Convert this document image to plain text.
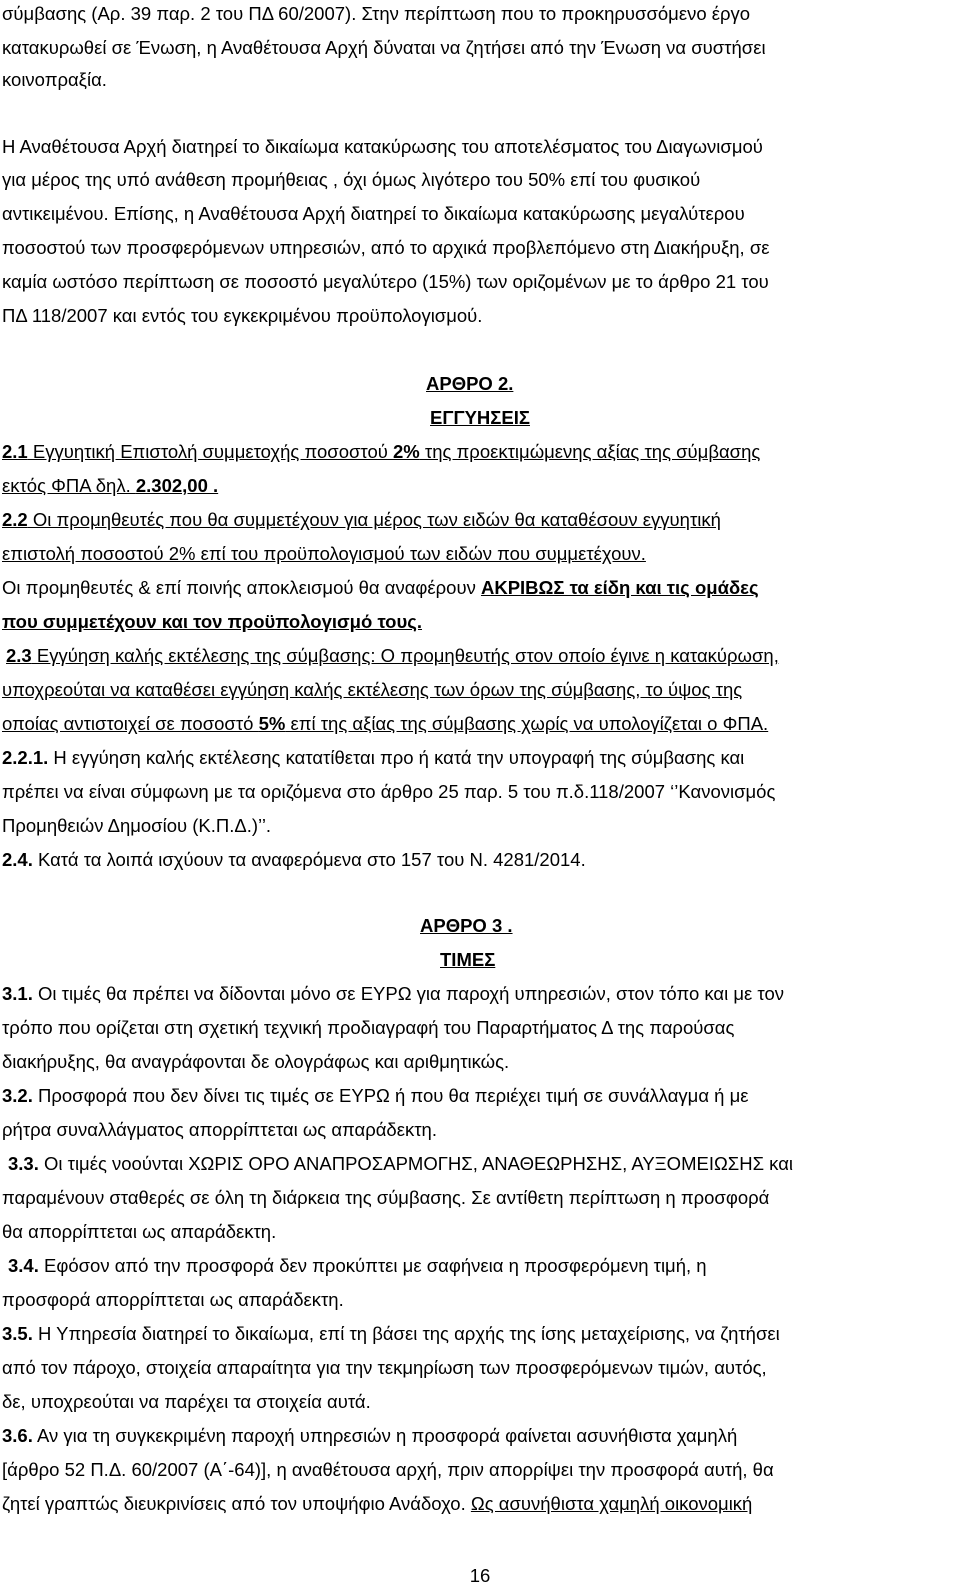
σύμβασης (Αρ. 39 παρ. 2 του ΠΔ 60/2007). Στην περίπτωση που το προκηρυσσόμενο έργο
κατακυρωθεί σε Ένωση, η Αναθέτουσα Αρχή δύναται να ζητήσει από την Ένωση να συστήσει
κοινοπραξία.
Η Αναθέτουσα Αρχή διατηρεί το δικαίωμα κατακύρωσης του αποτελέσματος του Διαγωνισμού
για μέρος της υπό ανάθεση προμήθειας , όχι όμως λιγότερο του 50% επί του φυσικού
αντικειμένου. Επίσης, η Αναθέτουσα Αρχή διατηρεί το δικαίωμα κατακύρωσης μεγαλύτερου
ποσοστού των προσφερόμενων υπηρεσιών, από το αρχικά προβλεπόμενο στη Διακήρυξη, σε
καμία ωστόσο περίπτωση σε ποσοστό μεγαλύτερο (15%) των οριζομένων με το άρθρο 21 του
ΠΔ 118/2007 και εντός του εγκεκριμένου προϋπολογισμού.
ΑΡΘΡΟ 2.
ΕΓΓΥΗΣΕΙΣ
2.1 Εγγυητική Επιστολή συμμετοχής ποσοστού 2% της προεκτιμώμενης αξίας της σύμβασης
εκτός ΦΠΑ δηλ. 2.302,00 .
2.2 Οι προμηθευτές που θα συμμετέχουν για μέρος των ειδών θα καταθέσουν εγγυητική
επιστολή ποσοστού 2% επί του προϋπολογισμού των ειδών που συμμετέχουν.
Οι προμηθευτές & επί ποινής αποκλεισμού θα αναφέρουν ΑΚΡΙΒΩΣ τα είδη και τις ομάδες
που συμμετέχουν και τον προϋπολογισμό τους.
2.3 Εγγύηση καλής εκτέλεσης της σύμβασης: Ο προμηθευτής στον οποίο έγινε η κατακύρωση,
υποχρεούται να καταθέσει εγγύηση καλής εκτέλεσης των όρων της σύμβασης, το ύψος της
οποίας αντιστοιχεί σε ποσοστό 5% επί της αξίας της σύμβασης χωρίς να υπολογίζεται ο ΦΠΑ.
2.2.1. Η εγγύηση καλής εκτέλεσης κατατίθεται προ ή κατά την υπογραφή της σύμβασης και
πρέπει να είναι σύμφωνη με τα οριζόμενα στο άρθρο 25 παρ. 5 του π.δ.118/2007 ‘’Κανονισμός
Προμηθειών Δημοσίου (Κ.Π.Δ.)’’.
2.4. Κατά τα λοιπά ισχύουν τα αναφερόμενα στο 157 του Ν. 4281/2014.
ΑΡΘΡΟ 3 .
ΤΙΜΕΣ
3.1. Οι τιμές θα πρέπει να δίδονται μόνο σε ΕΥΡΩ για παροχή υπηρεσιών, στον τόπο και με τον
τρόπο που ορίζεται στη σχετική τεχνική προδιαγραφή του Παραρτήματος Δ της παρούσας
διακήρυξης, θα αναγράφονται δε ολογράφως και αριθμητικώς.
3.2. Προσφορά που δεν δίνει τις τιμές σε ΕΥΡΩ ή που θα περιέχει τιμή σε συνάλλαγμα ή με
ρήτρα συναλλάγματος απορρίπτεται ως απαράδεκτη.
3.3. Οι τιμές νοούνται ΧΩΡΙΣ ΟΡΟ ΑΝΑΠΡΟΣΑΡΜΟΓΗΣ, ΑΝΑΘΕΩΡΗΣΗΣ, ΑΥΞΟΜΕΙΩΣΗΣ και
παραμένουν σταθερές σε όλη τη διάρκεια της σύμβασης. Σε αντίθετη περίπτωση η προσφορά
θα απορρίπτεται ως απαράδεκτη.
3.4. Εφόσον από την προσφορά δεν προκύπτει με σαφήνεια η προσφερόμενη τιμή, η
προσφορά απορρίπτεται ως απαράδεκτη.
3.5. Η Υπηρεσία διατηρεί το δικαίωμα, επί τη βάσει της αρχής της ίσης μεταχείρισης, να ζητήσει
από τον πάροχο, στοιχεία απαραίτητα για την τεκμηρίωση των προσφερόμενων τιμών, αυτός,
δε, υποχρεούται να παρέχει τα στοιχεία αυτά.
3.6. Αν για τη συγκεκριμένη παροχή υπηρεσιών η προσφορά φαίνεται ασυνήθιστα χαμηλή
[άρθρο 52 Π.Δ. 60/2007 (Α΄-64)], η αναθέτουσα αρχή, πριν απορρίψει την προσφορά αυτή, θα
ζητεί γραπτώς διευκρινίσεις από τον υποψήφιο Ανάδοχο. Ως ασυνήθιστα χαμηλή οικονομική
16
